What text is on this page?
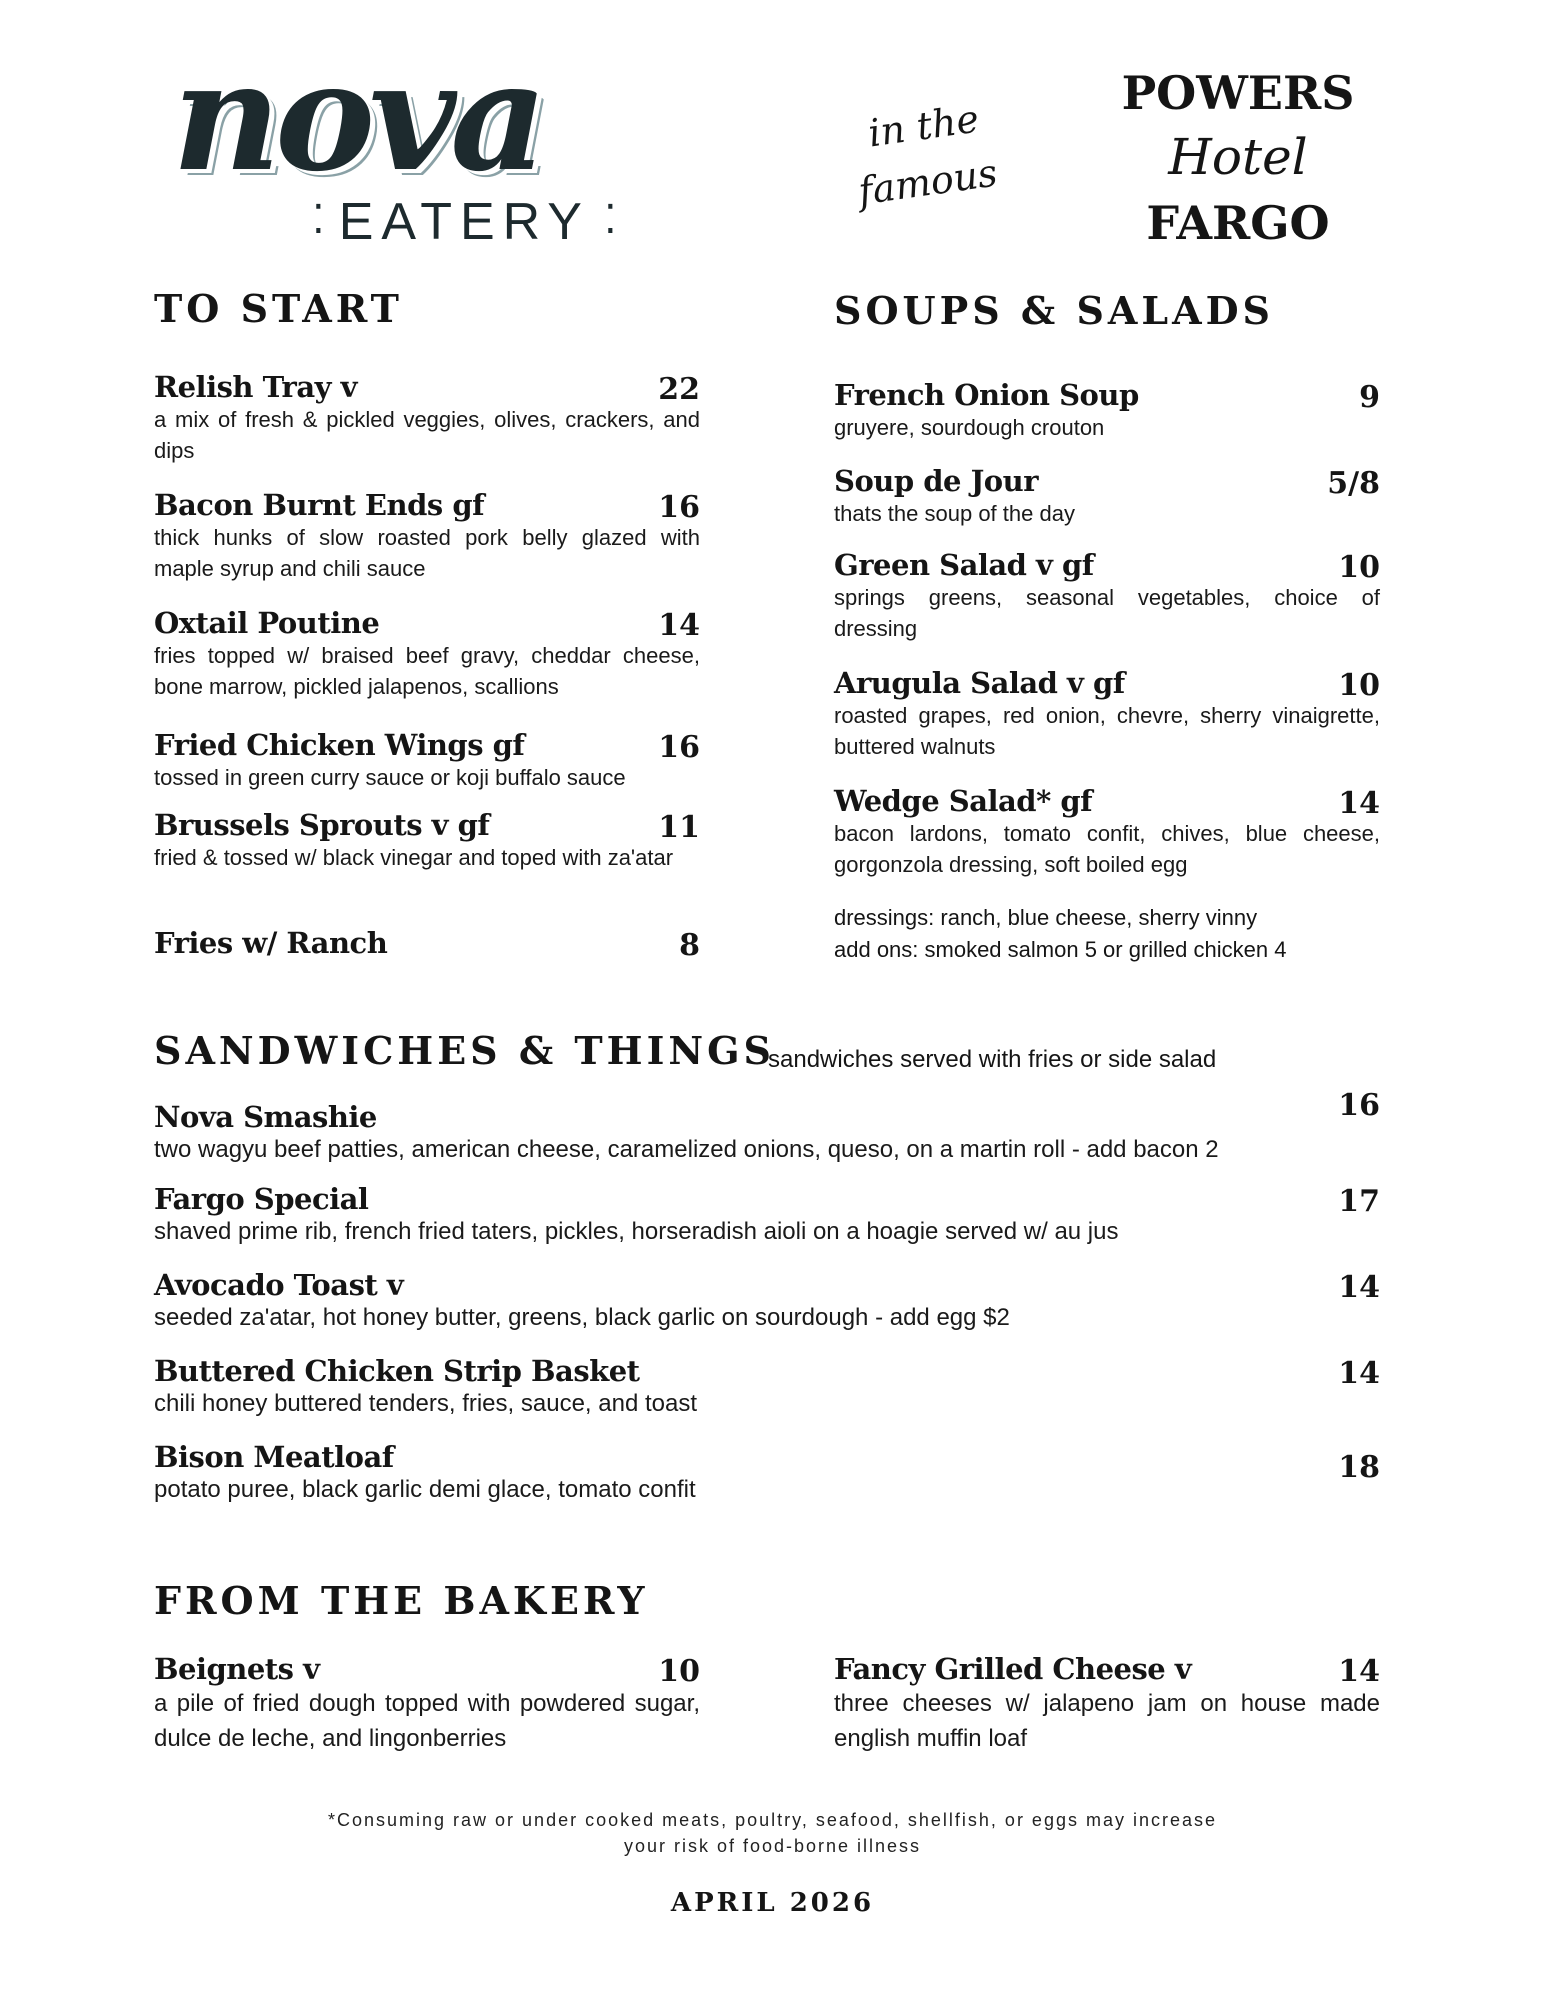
nova
⁚ EATERY ⁚
in the
famous
POWERS
Hotel
FARGO
TO START
Relish Tray v	22
a mix of fresh & pickled veggies, olives, crackers, and dips
Bacon Burnt Ends gf	16
thick hunks of slow roasted pork belly glazed with maple syrup and chili sauce
Oxtail Poutine	14
fries topped w/ braised beef gravy, cheddar cheese, bone marrow, pickled jalapenos, scallions
Fried Chicken Wings gf	16
tossed in green curry sauce or koji buffalo sauce
Brussels Sprouts v gf	11
fried & tossed w/ black vinegar and toped with za'atar
Fries w/ Ranch	8
SOUPS & SALADS
French Onion Soup	9
gruyere, sourdough crouton
Soup de Jour	5/8
thats the soup of the day
Green Salad v gf	10
springs greens, seasonal vegetables, choice of dressing
Arugula Salad v gf	10
roasted grapes, red onion, chevre, sherry vinaigrette, buttered walnuts
Wedge Salad* gf	14
bacon lardons, tomato confit, chives, blue cheese, gorgonzola dressing, soft boiled egg
dressings: ranch, blue cheese, sherry vinny
add ons: smoked salmon 5 or grilled chicken 4
SANDWICHES & THINGS
sandwiches served with fries or side salad
Nova Smashie	16
two wagyu beef patties, american cheese, caramelized onions, queso, on a martin roll - add bacon 2
Fargo Special	17
shaved prime rib, french fried taters, pickles, horseradish aioli on a hoagie served w/ au jus
Avocado Toast v	14
seeded za'atar, hot honey butter, greens, black garlic on sourdough - add egg $2
Buttered Chicken Strip Basket	14
chili honey buttered tenders, fries, sauce, and toast
Bison Meatloaf	18
potato puree, black garlic demi glace, tomato confit
FROM THE BAKERY
Beignets v	10
a pile of fried dough topped with powdered sugar, dulce de leche, and lingonberries
Fancy Grilled Cheese v	14
three cheeses w/ jalapeno jam on house made english muffin loaf
*Consuming raw or under cooked meats, poultry, seafood, shellfish, or eggs may increase
your risk of food-borne illness
APRIL 2026
